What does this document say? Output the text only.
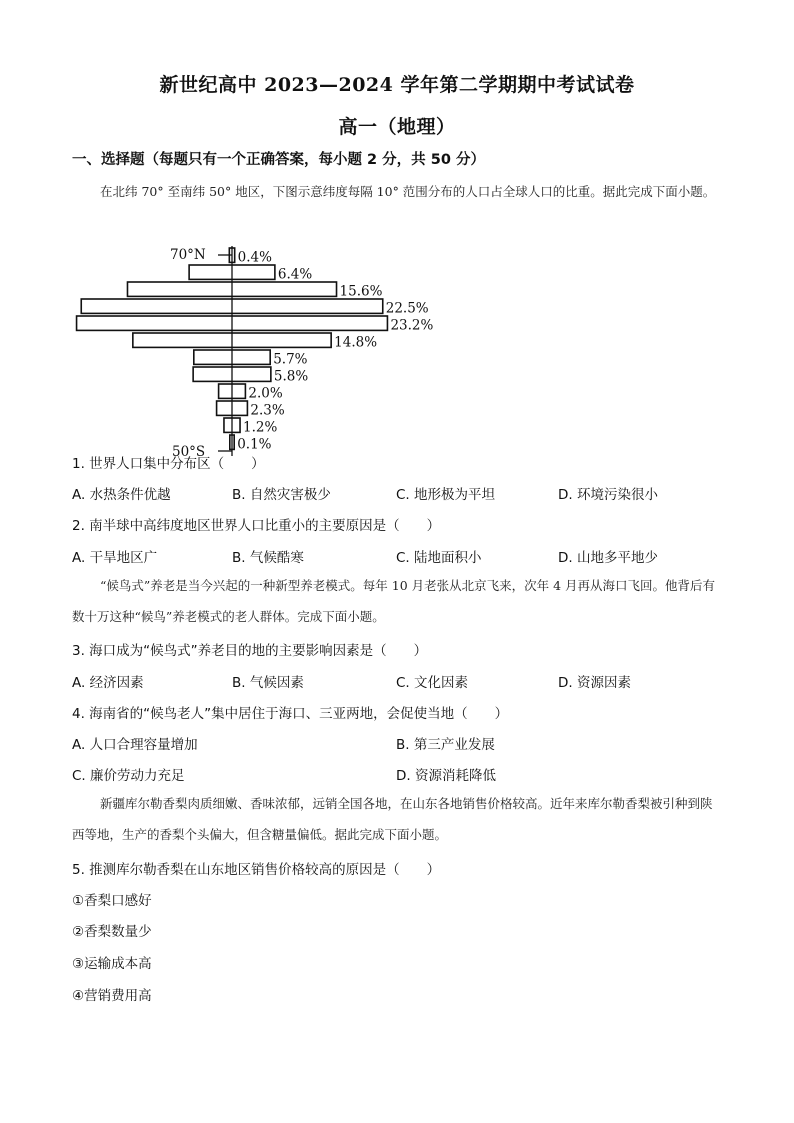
新世纪高中 2023—2024 学年第二学期期中考试试卷
高一（地理）
一、选择题（每题只有一个正确答案，每小题 2 分，共 50 分）
在北纬 70° 至南纬 50° 地区，下图示意纬度每隔 10° 范围分布的人口占全球人口的比重。据此完成下面小题。
0.4%
6.4%
15.6%
22.5%
23.2%
14.8%
5.7%
5.8%
2.0%
2.3%
1.2%
0.1%
70°N
50°S
1. 世界人口集中分布区（　　）
A. 水热条件优越	B. 自然灾害极少	C. 地形极为平坦	D. 环境污染很小
2. 南半球中高纬度地区世界人口比重小的主要原因是（　　）
A. 干旱地区广	B. 气候酷寒	C. 陆地面积小	D. 山地多平地少
“候鸟式”养老是当今兴起的一种新型养老模式。每年 10 月老张从北京飞来，次年 4 月再从海口飞回。他背后有数十万这种“候鸟”养老模式的老人群体。完成下面小题。
3. 海口成为“候鸟式”养老目的地的主要影响因素是（　　）
A. 经济因素	B. 气候因素	C. 文化因素	D. 资源因素
4. 海南省的“候鸟老人”集中居住于海口、三亚两地，会促使当地（　　）
A. 人口合理容量增加	B. 第三产业发展
C. 廉价劳动力充足	D. 资源消耗降低
新疆库尔勒香梨肉质细嫩、香味浓郁，远销全国各地，在山东各地销售价格较高。近年来库尔勒香梨被引种到陕西等地，生产的香梨个头偏大，但含糖量偏低。据此完成下面小题。
5. 推测库尔勒香梨在山东地区销售价格较高的原因是（　　）
①香梨口感好
②香梨数量少
③运输成本高
④营销费用高
